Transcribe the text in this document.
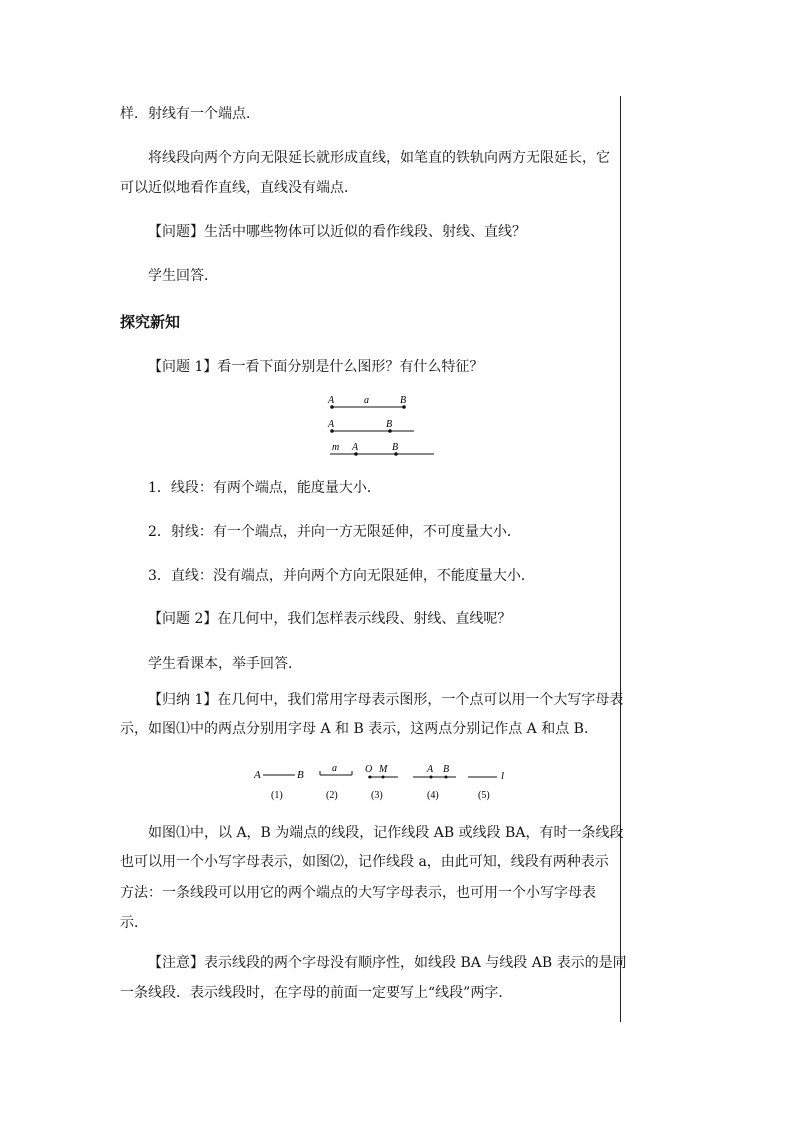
样．射线有一个端点．
将线段向两个方向无限延长就形成直线，如笔直的铁轨向两方无限延长，它
可以近似地看作直线，直线没有端点．
【问题】生活中哪些物体可以近似的看作线段、射线、直线？
学生回答．
探究新知
【问题 1】看一看下面分别是什么图形？有什么特征？
A	a	B
A	B
m A	B
1．线段：有两个端点，能度量大小．
2．射线：有一个端点，并向一方无限延伸，不可度量大小．
3．直线：没有端点，并向两个方向无限延伸，不能度量大小．
【问题 2】在几何中，我们怎样表示线段、射线、直线呢？
学生看课本，举手回答．
【归纳 1】在几何中，我们常用字母表示图形，一个点可以用一个大写字母表
示，如图⑴中的两点分别用字母 A 和 B 表示，这两点分别记作点 A 和点 B．
A	B
(1)
a
(2)
O M
(3)
A B
(4)
l
(5)
如图⑴中，以 A，B 为端点的线段，记作线段 AB 或线段 BA，有时一条线段
也可以用一个小写字母表示，如图⑵，记作线段 a，由此可知，线段有两种表示
方法：一条线段可以用它的两个端点的大写字母表示，也可用一个小写字母表
示．
【注意】表示线段的两个字母没有顺序性，如线段 BA 与线段 AB 表示的是同
一条线段．表示线段时，在字母的前面一定要写上“线段”两字．
